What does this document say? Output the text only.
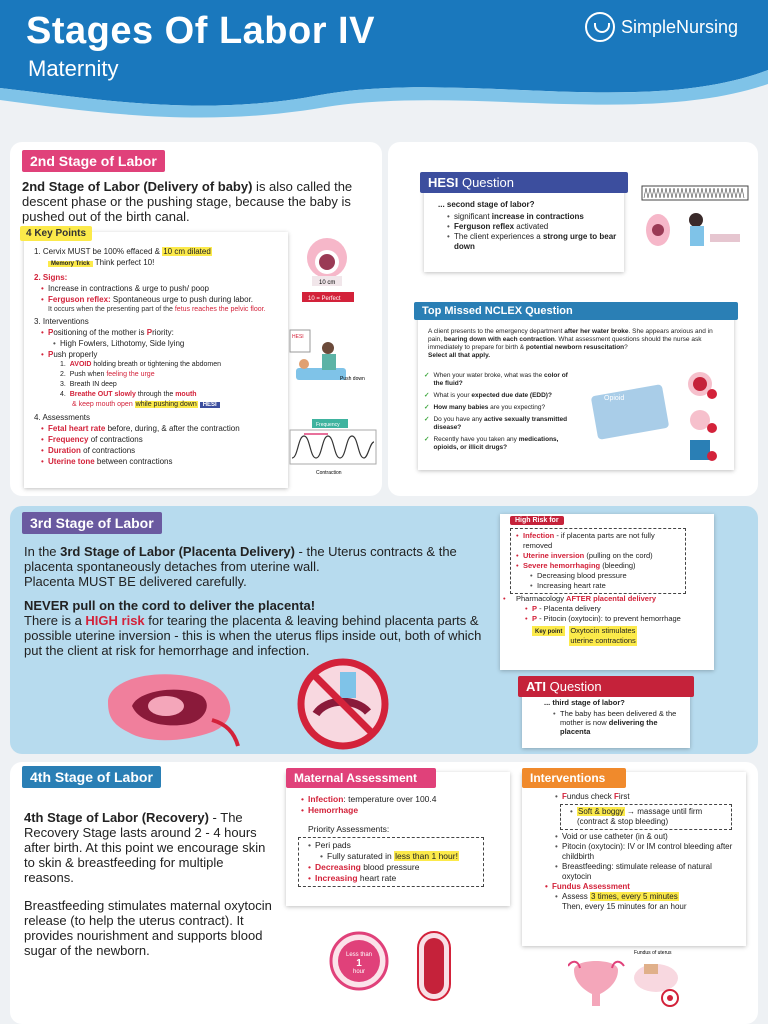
Stages Of Labor IV
Maternity
SimpleNursing
2nd Stage of Labor

2nd Stage of Labor (Delivery of baby) is also called the descent phase or the pushing stage, because the baby is pushed out of the birth canal.

4 Key Points
1. Cervix MUST be 100% effaced & 10 cm dilated
Memory Trick Think perfect 10!
2. Signs:
• Increase in contractions & urge to push/ poop
• Ferguson reflex: Spontaneous urge to push during labor.
It occurs when the presenting part of the fetus reaches the pelvic floor.
3. Interventions
• Positioning of the mother is Priority:
• High Fowlers, Lithotomy, Side lying
• Push properly
1.  AVOID holding breath or tightening the abdomen
2.  Push when feeling the urge
3.  Breath IN deep
4.  Breathe OUT slowly through the mouth
& keep mouth open while pushing down HESI
4. Assessments
• Fetal heart rate before, during, & after the contraction
• Frequency of contractions
• Duration of contractions
• Uterine tone between contractions
10 cm
10 = Perfect
HESI
Push down
Frequency
Contraction
HESI Question
... second stage of labor?
• significant increase in contractions
• Ferguson reflex activated
• The client experiences a strong urge to bear down
Top Missed NCLEX Question
A client presents to the emergency department after her water broke. She appears anxious and in pain, bearing down with each contraction. What assessment questions should the nurse ask immediately to prepare for birth & potential newborn resuscitation?
Select all that apply.
✓ When your water broke, what was the color of the fluid?
✓ What is your expected due date (EDD)?
✓ How many babies are you expecting?
✓ Do you have any active sexually transmitted disease?
✓ Recently have you taken any medications, opioids, or illicit drugs?
Opioid
3rd Stage of Labor

In the 3rd Stage of Labor (Placenta Delivery) - the Uterus contracts & the placenta spontaneously detaches from uterine wall.
Placenta MUST BE delivered carefully.

NEVER pull on the cord to deliver the placenta!

There is a HIGH risk for tearing the placenta & leaving behind placenta parts & possible uterine inversion - this is when the uterus flips inside out, both of which put the client at risk for hemorrhage and infection.

High Risk for
• Infection - if placenta parts are not fully removed
• Uterine inversion (pulling on the cord)
• Severe hemorrhaging (bleeding)
• Decreasing blood pressure
• Increasing heart rate
• Pharmacology AFTER placental delivery
• P - Placenta delivery
• P - Pitocin (oxytocin): to prevent hemorrhage
Key point	Oxytocin stimulates
uterine contractions
ATI Question
... third stage of labor?
• The baby has been delivered & the mother is now delivering the placenta
4th Stage of Labor

4th Stage of Labor (Recovery) - The Recovery Stage lasts around 2 - 4 hours after birth. At this point we encourage skin to skin & breastfeeding for multiple reasons.

Breastfeeding stimulates maternal oxytocin release (to help the uterus contract). It provides nourishment and supports blood sugar of the newborn.	Less than
1
hour
Maternal Assessment
• Infection: temperature over 100.4
• Hemorrhage
Priority Assessments:
• Peri pads
• Fully saturated in less than 1 hour!
• Decreasing blood pressure
• Increasing heart rate
Interventions
• Fundus check First
• Soft & boggy → massage until firm (contract & stop bleeding)
• Void or use catheter (in & out)
• Pitocin (oxytocin): IV or IM control bleeding after childbirth
• Breastfeeding: stimulate release of natural oxytocin
• Fundus Assessment
• Assess 3 times, every 5 minutes
Then, every 15 minutes for an hour
Fundus of uterus
